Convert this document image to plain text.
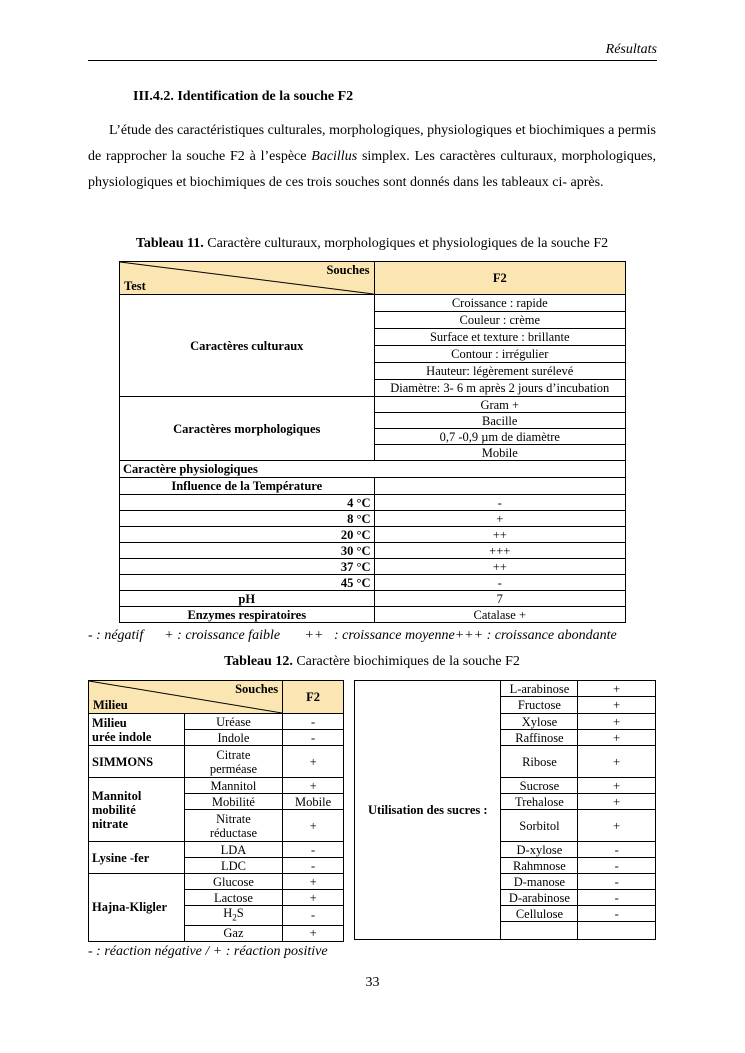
Résultats
III.4.2. Identification de la souche F2
L’étude des caractéristiques culturales, morphologiques, physiologiques et biochimiques a permis de rapprocher la souche F2 à l’espèce Bacillus simplex. Les caractères culturaux, morphologiques, physiologiques et biochimiques de ces trois souches sont donnés dans les tableaux ci- après.
Tableau 11. Caractère culturaux, morphologiques et physiologiques de la souche F2
Souches
Test	F2
Caractères culturaux	Croissance : rapide
	Couleur : crème
	Surface et texture : brillante
	Contour : irrégulier
	Hauteur: légèrement surélevé
	Diamètre: 3- 6 m après 2 jours d’incubation
Caractères morphologiques	Gram +
	Bacille
	0,7 -0,9 µm de diamètre
	Mobile
Caractère physiologiques	
Influence de la Température	
4 °C	-
8 °C	+
20 °C	++
30 °C	+++
37 °C	++
45 °C	-
pH	7
Enzymes respiratoires	Catalase +
- : négatif      + : croissance faible       ++   : croissance moyenne+++ : croissance abondante
Tableau 12. Caractère biochimiques de la souche F2
Souches
Milieu		F2
Milieu
urée indole	Uréase	-
	Indole	-
SIMMONS	Citrate
perméase	+
Mannitol
mobilité
nitrate	Mannitol	+
	Mobilité	Mobile
	Nitrate
réductase	+
Lysine -fer	LDA	-
	LDC	-
Hajna-Kligler	Glucose	+
	Lactose	+
	$H_2S$	-
	Gaz	+
Utilisation des sucres :	L-arabinose	+
	Fructose	+
	Xylose	+
	Raffinose	+
	Ribose	+
	Sucrose	+
	Trehalose	+
	Sorbitol	+
	D-xylose	-
	Rahmnose	-
	D-manose	-
	D-arabinose	-
	Cellulose	-

- : réaction négative / + : réaction positive
33
